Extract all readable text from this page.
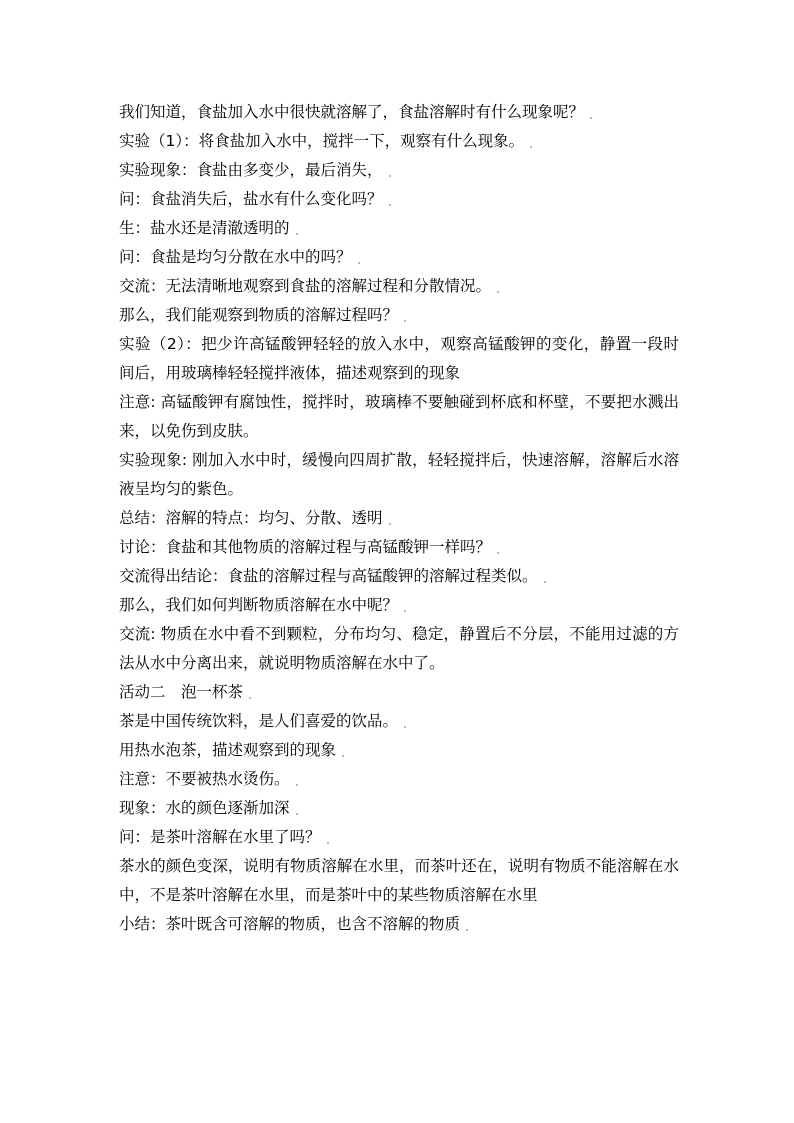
我们知道，食盐加入水中很快就溶解了，食盐溶解时有什么现象呢？
实验（1）：将食盐加入水中，搅拌一下，观察有什么现象。
实验现象：食盐由多变少，最后消失，
问：食盐消失后，盐水有什么变化吗？
生：盐水还是清澈透明的
问：食盐是均匀分散在水中的吗？
交流：无法清晰地观察到食盐的溶解过程和分散情况。
那么，我们能观察到物质的溶解过程吗？
实验（2）：把少许高锰酸钾轻轻的放入水中，观察高锰酸钾的变化，静置一段时间后，用玻璃棒轻轻搅拌液体，描述观察到的现象
注意: 高锰酸钾有腐蚀性，搅拌时，玻璃棒不要触碰到杯底和杯壁，不要把水溅出来，以免伤到皮肤。
实验现象: 刚加入水中时，缓慢向四周扩散，轻轻搅拌后，快速溶解，溶解后水溶液呈均匀的紫色。
总结：溶解的特点：均匀、分散、透明
讨论：食盐和其他物质的溶解过程与高锰酸钾一样吗？
交流得出结论：食盐的溶解过程与高锰酸钾的溶解过程类似。
那么，我们如何判断物质溶解在水中呢？
交流: 物质在水中看不到颗粒，分布均匀、稳定，静置后不分层，不能用过滤的方法从水中分离出来，就说明物质溶解在水中了。
活动二　泡一杯茶
茶是中国传统饮料，是人们喜爱的饮品。
用热水泡茶，描述观察到的现象
注意：不要被热水烫伤。
现象：水的颜色逐渐加深
问：是茶叶溶解在水里了吗？
茶水的颜色变深，说明有物质溶解在水里，而茶叶还在，说明有物质不能溶解在水中，不是茶叶溶解在水里，而是茶叶中的某些物质溶解在水里
小结：茶叶既含可溶解的物质，也含不溶解的物质
